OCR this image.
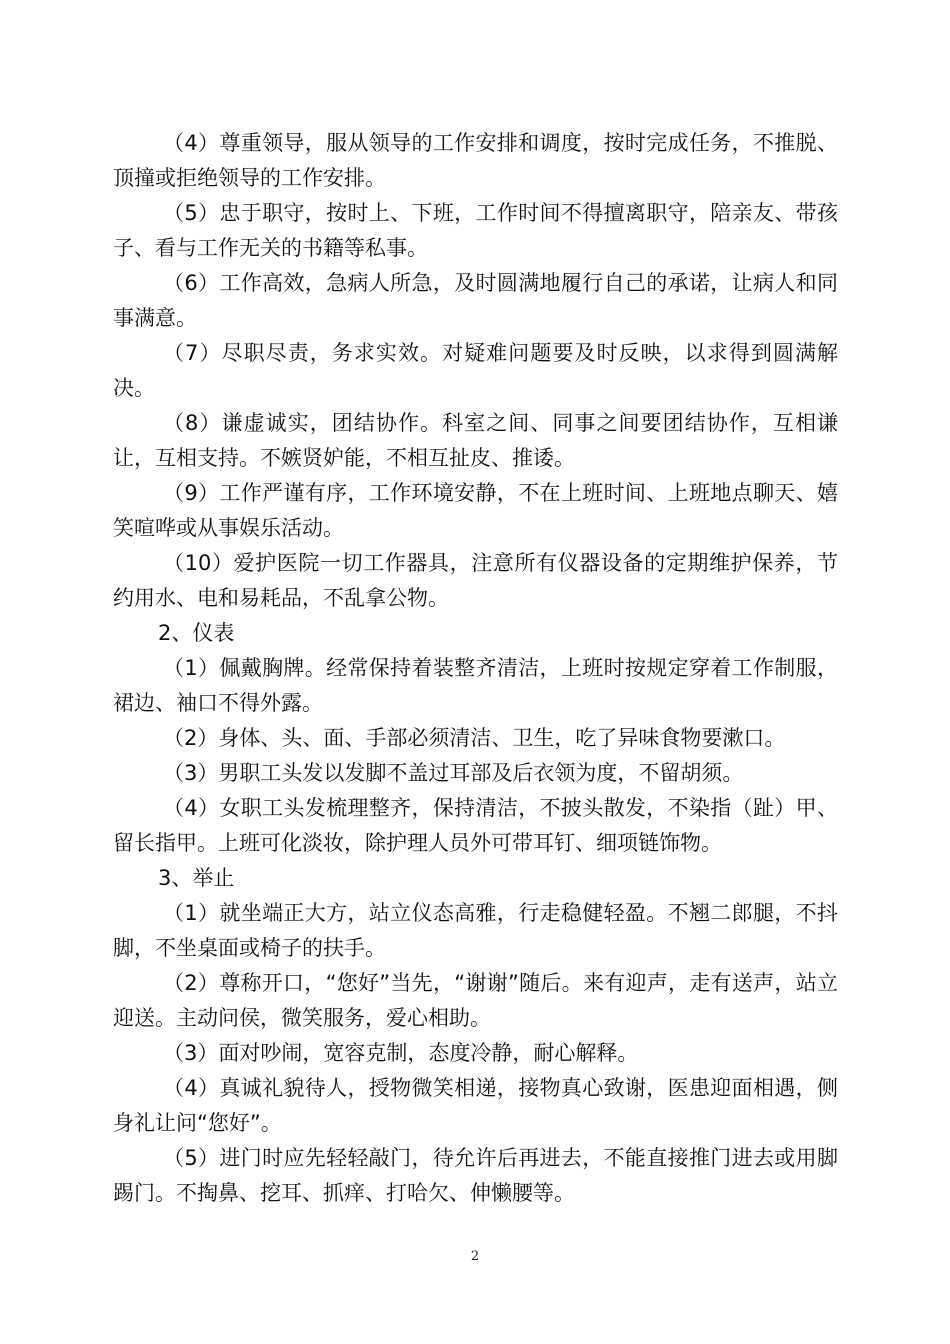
（4）尊重领导，服从领导的工作安排和调度，按时完成任务，不推脱、顶撞或拒绝领导的工作安排。

（5）忠于职守，按时上、下班，工作时间不得擅离职守，陪亲友、带孩子、看与工作无关的书籍等私事。

（6）工作高效，急病人所急，及时圆满地履行自己的承诺，让病人和同事满意。

（7）尽职尽责，务求实效。对疑难问题要及时反映，以求得到圆满解决。

（8）谦虚诚实，团结协作。科室之间、同事之间要团结协作，互相谦让，互相支持。不嫉贤妒能，不相互扯皮、推诿。

（9）工作严谨有序，工作环境安静，不在上班时间、上班地点聊天、嬉笑喧哗或从事娱乐活动。

（10）爱护医院一切工作器具，注意所有仪器设备的定期维护保养，节约用水、电和易耗品，不乱拿公物。

2、仪表

（1）佩戴胸牌。经常保持着装整齐清洁，上班时按规定穿着工作制服，裙边、袖口不得外露。

（2）身体、头、面、手部必须清洁、卫生，吃了异味食物要漱口。

（3）男职工头发以发脚不盖过耳部及后衣领为度，不留胡须。

（4）女职工头发梳理整齐，保持清洁，不披头散发，不染指（趾）甲、留长指甲。上班可化淡妆，除护理人员外可带耳钉、细项链饰物。

3、举止

（1）就坐端正大方，站立仪态高雅，行走稳健轻盈。不翘二郎腿，不抖脚，不坐桌面或椅子的扶手。

（2）尊称开口，“您好”当先，“谢谢”随后。来有迎声，走有送声，站立迎送。主动问侯，微笑服务，爱心相助。

（3）面对吵闹，宽容克制，态度冷静，耐心解释。

（4）真诚礼貌待人，授物微笑相递，接物真心致谢，医患迎面相遇，侧身礼让问“您好”。

（5）进门时应先轻轻敲门，待允许后再进去，不能直接推门进去或用脚踢门。不掏鼻、挖耳、抓痒、打哈欠、伸懒腰等。

2
